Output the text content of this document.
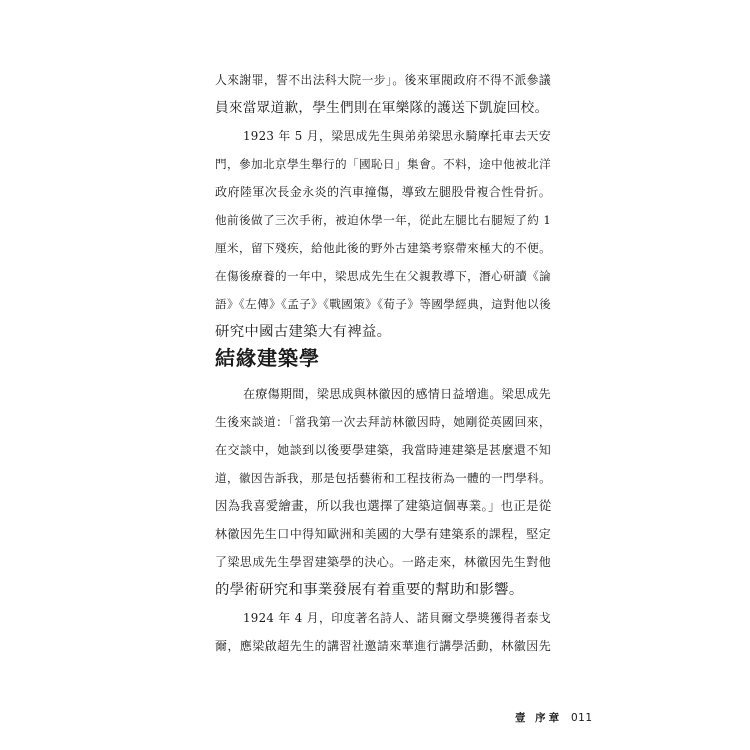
人來謝罪，誓不出法科大院一步」。後來軍閥政府不得不派參議
員來當眾道歉，學生們則在軍樂隊的護送下凱旋回校。
1923 年 5 月，梁思成先生與弟弟梁思永騎摩托車去天安
門，參加北京學生舉行的「國恥日」集會。不料，途中他被北洋
政府陸軍次長金永炎的汽車撞傷，導致左腿股骨複合性骨折。
他前後做了三次手術，被迫休學一年，從此左腿比右腿短了約 1
厘米，留下殘疾，給他此後的野外古建築考察帶來極大的不便。
在傷後療養的一年中，梁思成先生在父親教導下，潛心研讀《論
語》《左傳》《孟子》《戰國策》《荀子》等國學經典，這對他以後
研究中國古建築大有裨益。
結緣建築學
在療傷期間，梁思成與林徽因的感情日益增進。梁思成先
生後來談道：「當我第一次去拜訪林徽因時，她剛從英國回來，
在交談中，她談到以後要學建築，我當時連建築是甚麼還不知
道，徽因告訴我，那是包括藝術和工程技術為一體的一門學科。
因為我喜愛繪畫，所以我也選擇了建築這個專業。」也正是從
林徽因先生口中得知歐洲和美國的大學有建築系的課程，堅定
了梁思成先生學習建築學的決心。一路走來，林徽因先生對他
的學術研究和事業發展有着重要的幫助和影響。
1924 年 4 月，印度著名詩人、諾貝爾文學獎獲得者泰戈
爾，應梁啟超先生的講習社邀請來華進行講學活動，林徽因先
壹 序章 011
